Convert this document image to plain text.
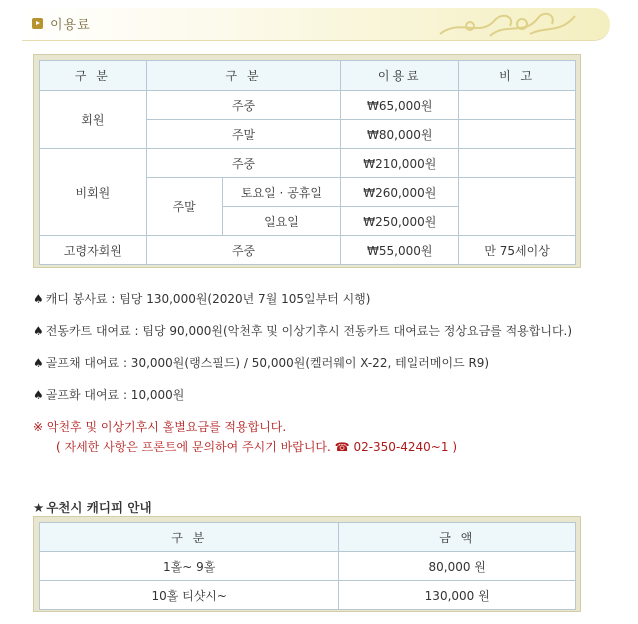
이용료
구 분	구 분		이용료	비 고
회원	주중		₩65,000원	
	주말		₩80,000원	
비회원	주중		₩210,000원	
	주말	토요일 · 공휴일	₩260,000원	
		일요일	₩250,000원	
고령자회원	주중		₩55,000원	만 75세이상
♠ 캐디 봉사료 : 팀당 130,000원(2020년 7월 105일부터 시행)
♠ 전동카트 대여료 : 팀당 90,000원(악천후 및 이상기후시 전동카트 대여료는 정상요금를 적용합니다.)
♠ 골프채 대여료 : 30,000원(랭스필드) / 50,000원(켈러웨이 X-22, 테일러메이드 R9)
♠ 골프화 대여료 : 10,000원
※ 악천후 및 이상기후시 홀별요금를 적용합니다.
( 자세한 사항은 프론트에 문의하여 주시기 바랍니다. ☎ 02-350-4240~1 )
★ 우천시 캐디피 안내
구 분	금 액
1홀~ 9홀	80,000 원
10홀 티샷시~	130,000 원
